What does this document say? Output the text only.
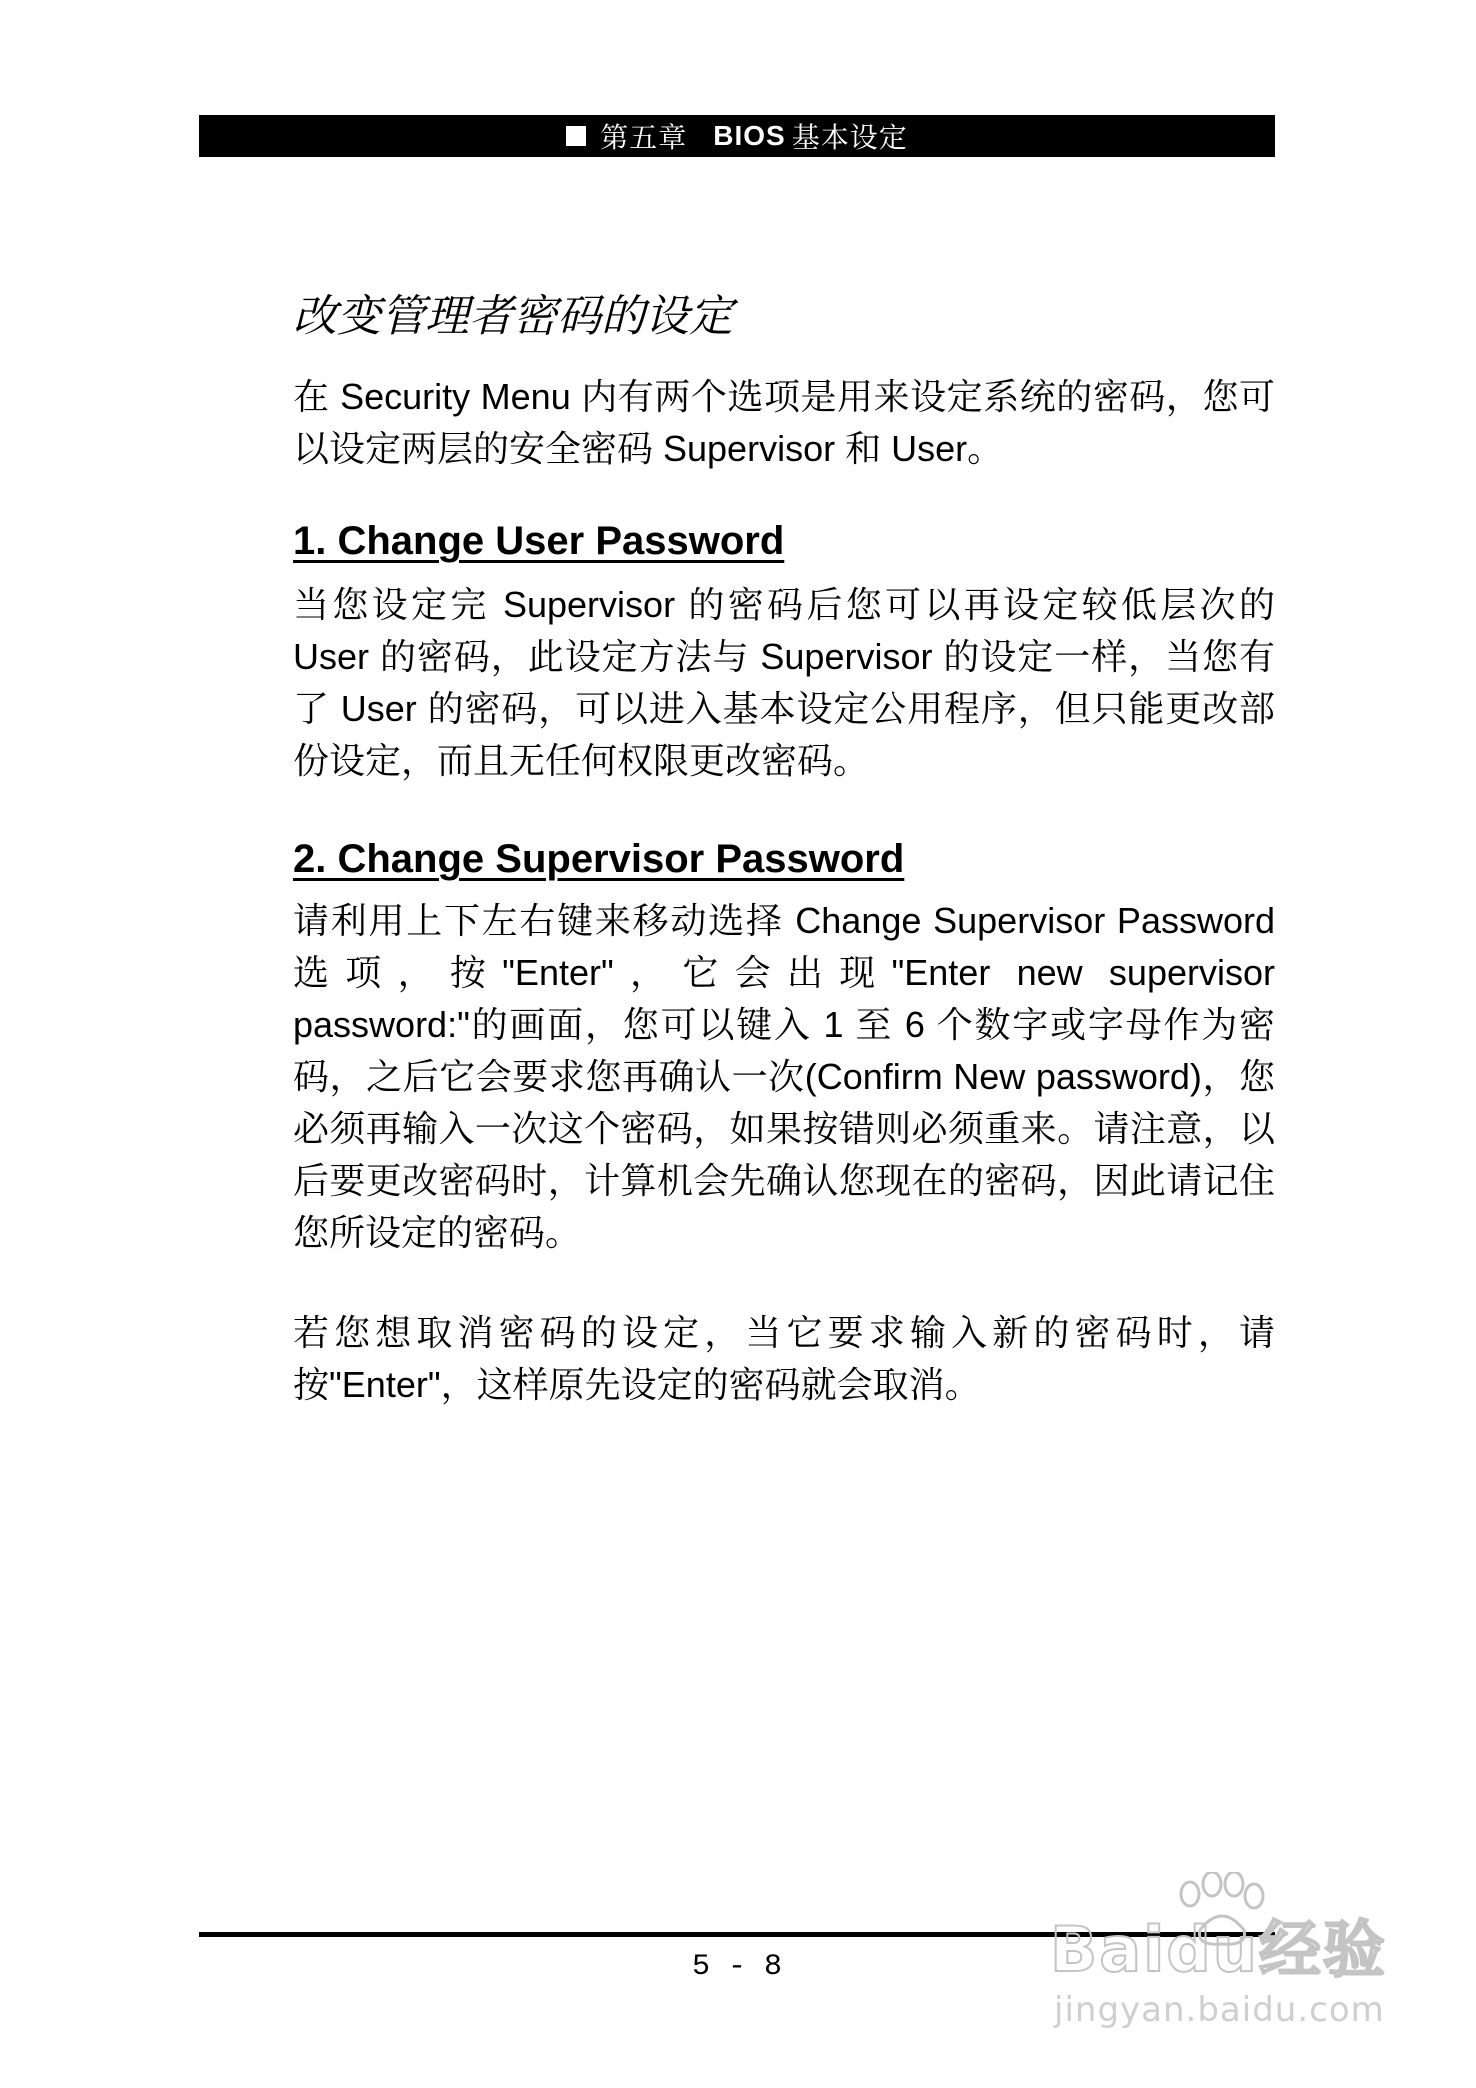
第五章 BIOS 基本设定
改变管理者密码的设定

在 Security Menu 内有两个选项是用来设定系统的密码，您可以设定两层的安全密码 Supervisor 和 User。

1. Change User Password

当您设定完 Supervisor 的密码后您可以再设定较低层次的 User 的密码，此设定方法与 Supervisor 的设定一样，当您有了 User 的密码，可以进入基本设定公用程序，但只能更改部份设定，而且无任何权限更改密码。

2. Change Supervisor Password

请利用上下左右键来移动选择 Change Supervisor Password 选项，按"Enter"，它会出现"Enter new supervisor password:"的画面，您可以键入 1 至 6 个数字或字母作为密码，之后它会要求您再确认一次(Confirm New password)，您必须再输入一次这个密码，如果按错则必须重来。请注意，以后要更改密码时，计算机会先确认您现在的密码，因此请记住您所设定的密码。

若您想取消密码的设定，当它要求输入新的密码时，请按"Enter"，这样原先设定的密码就会取消。

5 - 8	Baidu经验
jingyan.baidu.com
